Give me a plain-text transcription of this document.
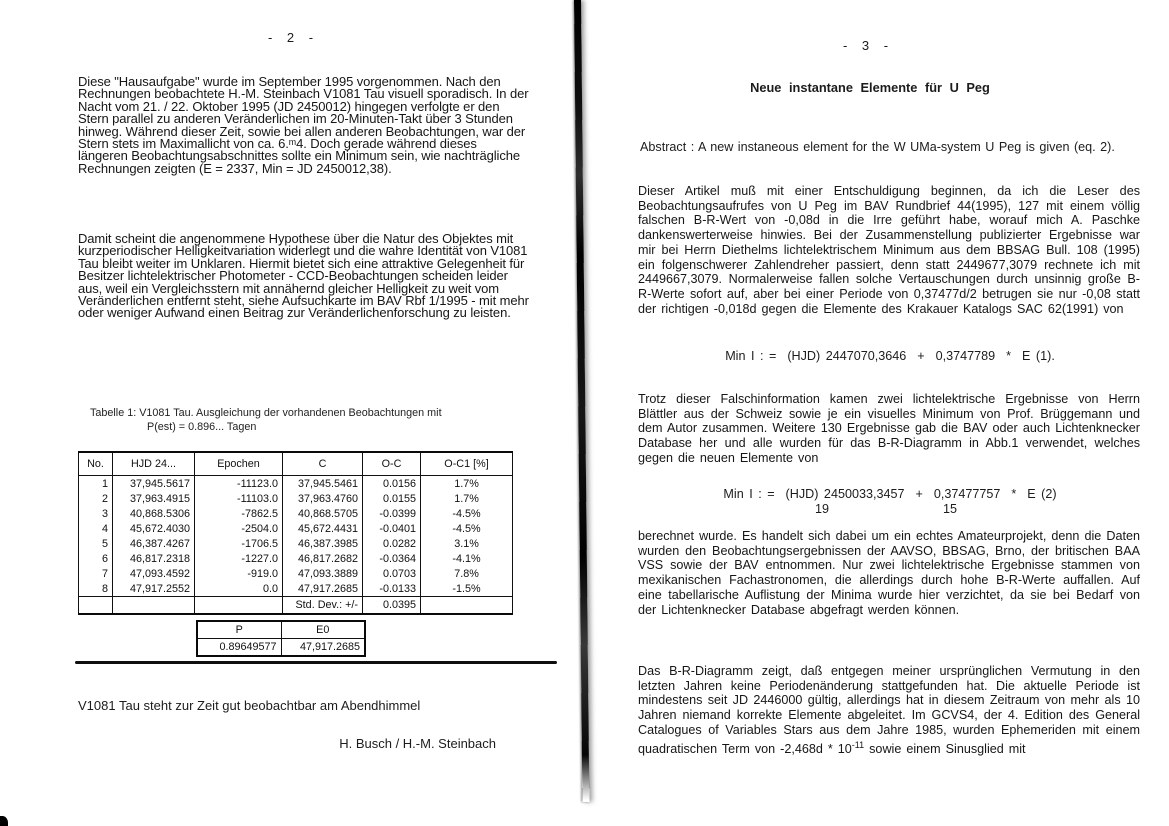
- 2 -
Diese "Hausaufgabe" wurde im September 1995 vorgenommen. Nach den Rechnungen beobachtete H.-M. Steinbach V1081 Tau visuell sporadisch. In der Nacht vom 21. / 22. Oktober 1995 (JD 2450012) hingegen verfolgte er den Stern parallel zu anderen Veränderlichen im 20-Minuten-Takt über 3 Stunden hinweg. Während dieser Zeit, sowie bei allen anderen Beobachtungen, war der Stern stets im Maximallicht von ca. 6.ᵐ4. Doch gerade während dieses längeren Beobachtungsabschnittes sollte ein Minimum sein, wie nachträgliche Rechnungen zeigten (E = 2337, Min = JD 2450012,38).
Damit scheint die angenommene Hypothese über die Natur des Objektes mit kurzperiodischer Helligkeitvariation widerlegt und die wahre Identität von V1081 Tau bleibt weiter im Unklaren. Hiermit bietet sich eine attraktive Gelegenheit für Besitzer lichtelektrischer Photometer - CCD-Beobachtungen scheiden leider aus, weil ein Vergleichsstern mit annähernd gleicher Helligkeit zu weit vom Veränderlichen entfernt steht, siehe Aufsuchkarte im BAV Rbf 1/1995 - mit mehr oder weniger Aufwand einen Beitrag zur Veränderlichenforschung zu leisten.
Tabelle 1: V1081 Tau. Ausgleichung der vorhandenen Beobachtungen mit
P(est) = 0.896... Tagen
No.	HJD 24...	Epochen	C	O-C	O-C1 [%]
1	37,945.5617	-11123.0	37,945.5461	0.0156	1.7%
2	37,963.4915	-11103.0	37,963.4760	0.0155	1.7%
3	40,868.5306	-7862.5	40,868.5705	-0.0399	-4.5%
4	45,672.4030	-2504.0	45,672.4431	-0.0401	-4.5%
5	46,387.4267	-1706.5	46,387.3985	0.0282	3.1%
6	46,817.2318	-1227.0	46,817.2682	-0.0364	-4.1%
7	47,093.4592	-919.0	47,093.3889	0.0703	7.8%
8	47,917.2552	0.0	47,917.2685	-0.0133	-1.5%
			Std. Dev.: +/-	0.0395	
P	E0
0.89649577	47,917.2685
V1081 Tau steht zur Zeit gut beobachtbar am Abendhimmel
H. Busch / H.-M. Steinbach
- 3 -
Neue instantane Elemente für U Peg
Abstract : A new instaneous element for the W UMa-system U Peg is given (eq. 2).
Dieser Artikel muß mit einer Entschuldigung beginnen, da ich die Leser des Beobachtungsaufrufes von U Peg im BAV Rundbrief 44(1995), 127 mit einem völlig falschen B-R-Wert von -0,08d in die Irre geführt habe, worauf mich A. Paschke dankenswerterweise hinwies. Bei der Zusammenstellung publizierter Ergebnisse war mir bei Herrn Diethelms lichtelektrischem Minimum aus dem BBSAG Bull. 108 (1995) ein folgenschwerer Zahlendreher passiert, denn statt 2449677,3079 rechnete ich mit 2449667,3079. Normalerweise fallen solche Vertauschungen durch unsinnig große B-R-Werte sofort auf, aber bei einer Periode von 0,37477d/2 betrugen sie nur -0,08 statt der richtigen -0,018d gegen die Elemente des Krakauer Katalogs SAC 62(1991) von
Min I : =  (HJD) 2447070,3646  +  0,3747789  *  E (1).
Trotz dieser Falschinformation kamen zwei lichtelektrische Ergebnisse von Herrn Blättler aus der Schweiz sowie je ein visuelles Minimum von Prof. Brüggemann und dem Autor zusammen. Weitere 130 Ergebnisse gab die BAV oder auch Lichtenknecker Database her und alle wurden für das B-R-Diagramm in Abb.1 verwendet, welches gegen die neuen Elemente von
Min I : =  (HJD) 2450033,3457  +  0,37477757  *  E (2)
19	15
berechnet wurde. Es handelt sich dabei um ein echtes Amateurprojekt, denn die Daten wurden den Beobachtungsergebnissen der AAVSO, BBSAG, Brno, der britischen BAA VSS sowie der BAV entnommen. Nur zwei lichtelektrische Ergebnisse stammen von mexikanischen Fachastronomen, die allerdings durch hohe B-R-Werte auffallen. Auf eine tabellarische Auflistung der Minima wurde hier verzichtet, da sie bei Bedarf von der Lichtenknecker Database abgefragt werden können.
Das B-R-Diagramm zeigt, daß entgegen meiner ursprünglichen Vermutung in den letzten Jahren keine Periodenänderung stattgefunden hat. Die aktuelle Periode ist mindestens seit JD 2446000 gültig, allerdings hat in diesem Zeitraum von mehr als 10 Jahren niemand korrekte Elemente abgeleitet. Im GCVS4, der 4. Edition des General Catalogues of Variables Stars aus dem Jahre 1985, wurden Ephemeriden mit einem quadratischen Term von $-2,468d * 10^{-11}$ sowie einem Sinusglied mit
